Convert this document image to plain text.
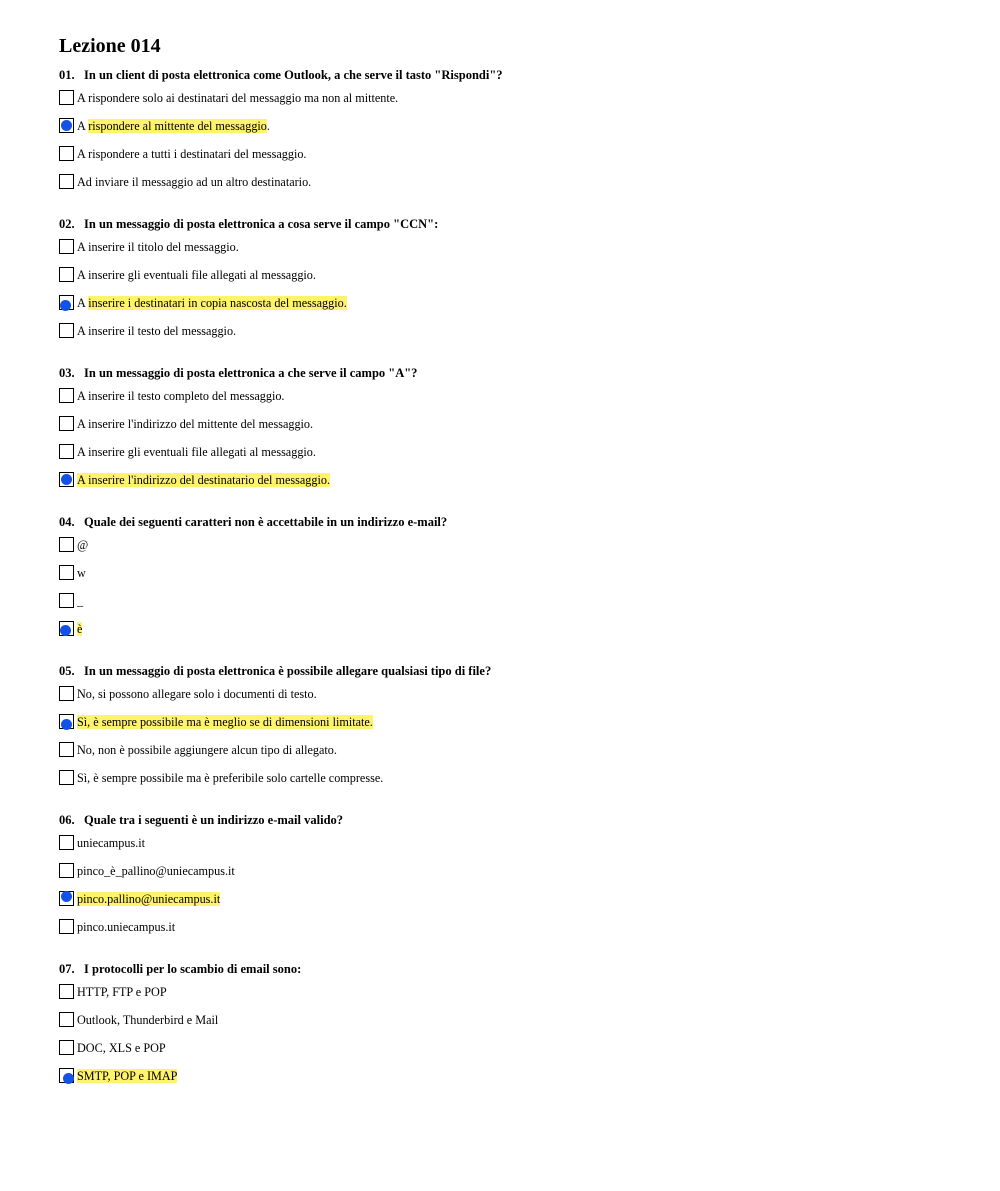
Lezione 014
01. In un client di posta elettronica come Outlook, a che serve il tasto "Rispondi"?
A rispondere solo ai destinatari del messaggio ma non al mittente.
A rispondere al mittente del messaggio.
A rispondere a tutti i destinatari del messaggio.
Ad inviare il messaggio ad un altro destinatario.
02. In un messaggio di posta elettronica a cosa serve il campo "CCN":
A inserire il titolo del messaggio.
A inserire gli eventuali file allegati al messaggio.
A inserire i destinatari in copia nascosta del messaggio.
A inserire il testo del messaggio.
03. In un messaggio di posta elettronica a che serve il campo "A"?
A inserire il testo completo del messaggio.
A inserire l'indirizzo del mittente del messaggio.
A inserire gli eventuali file allegati al messaggio.
A inserire l'indirizzo del destinatario del messaggio.
04. Quale dei seguenti caratteri non è accettabile in un indirizzo e-mail?
@
w
_
è
05. In un messaggio di posta elettronica è possibile allegare qualsiasi tipo di file?
No, si possono allegare solo i documenti di testo.
Sì, è sempre possibile ma è meglio se di dimensioni limitate.
No, non è possibile aggiungere alcun tipo di allegato.
Sì, è sempre possibile ma è preferibile solo cartelle compresse.
06. Quale tra i seguenti è un indirizzo e-mail valido?
uniecampus.it
pinco_è_pallino@uniecampus.it
pinco.pallino@uniecampus.it
pinco.uniecampus.it
07. I protocolli per lo scambio di email sono:
HTTP, FTP e POP
Outlook, Thunderbird e Mail
DOC, XLS e POP
SMTP, POP e IMAP
